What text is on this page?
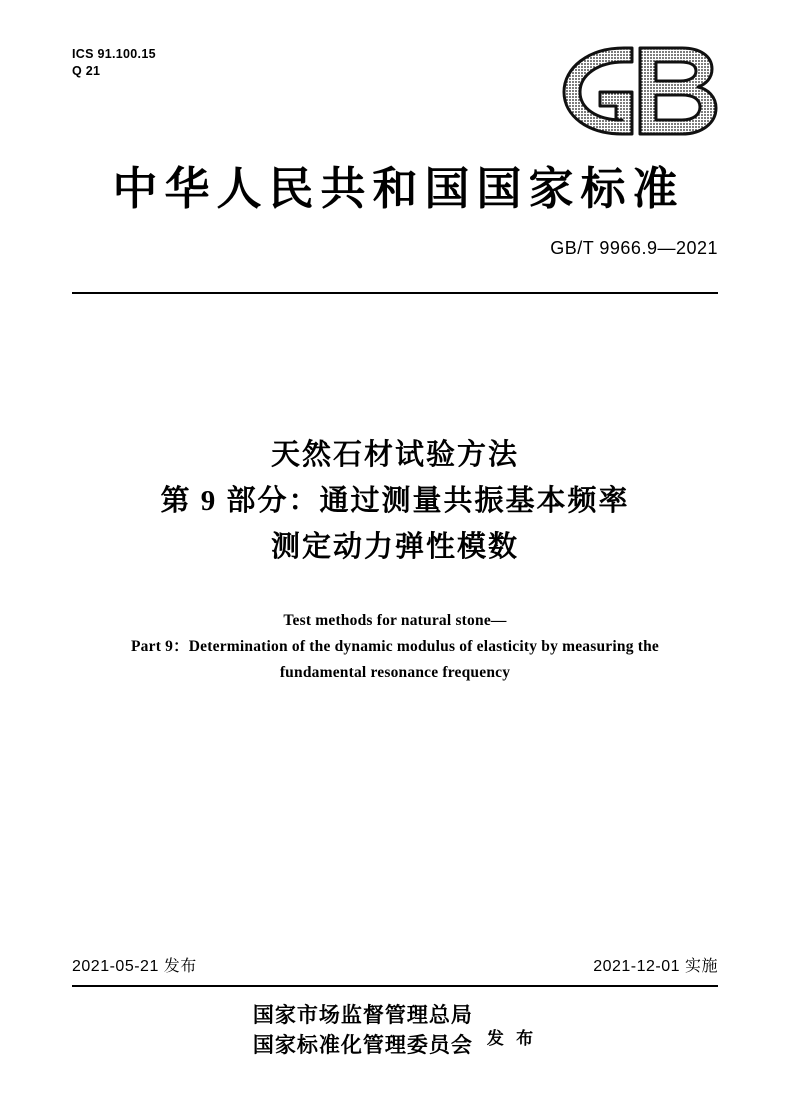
ICS 91.100.15
Q 21
中华人民共和国国家标准
GB/T 9966.9—2021
天然石材试验方法
第 9 部分：通过测量共振基本频率
测定动力弹性模数
Test methods for natural stone—
Part 9：Determination of the dynamic modulus of elasticity by measuring the
fundamental resonance frequency
2021-05-21 发布	2021-12-01 实施
国家市场监督管理总局
国家标准化管理委员会 发 布
